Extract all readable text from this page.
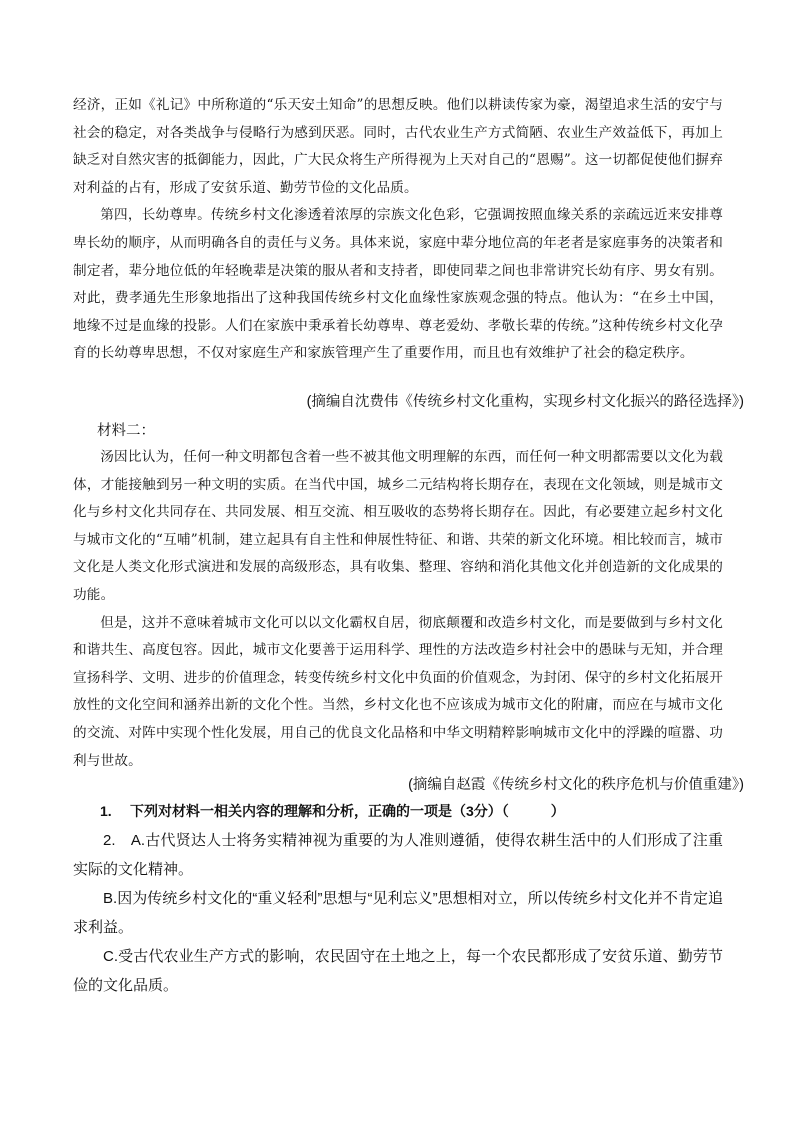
经济，正如《礼记》中所称道的“乐天安土知命”的思想反映。他们以耕读传家为豪，渴望追求生活的安宁与社会的稳定，对各类战争与侵略行为感到厌恶。同时，古代农业生产方式简陋、农业生产效益低下，再加上缺乏对自然灾害的抵御能力，因此，广大民众将生产所得视为上天对自己的“恩赐”。这一切都促使他们摒弃对利益的占有，形成了安贫乐道、勤劳节俭的文化品质。

第四，长幼尊卑。传统乡村文化渗透着浓厚的宗族文化色彩，它强调按照血缘关系的亲疏远近来安排尊卑长幼的顺序，从而明确各自的责任与义务。具体来说，家庭中辈分地位高的年老者是家庭事务的决策者和制定者，辈分地位低的年轻晚辈是决策的服从者和支持者，即使同辈之间也非常讲究长幼有序、男女有别。对此，费孝通先生形象地指出了这种我国传统乡村文化血缘性家族观念强的特点。他认为：“在乡土中国，地缘不过是血缘的投影。人们在家族中秉承着长幼尊卑、尊老爱幼、孝敬长辈的传统。”这种传统乡村文化孕育的长幼尊卑思想，不仅对家庭生产和家族管理产生了重要作用，而且也有效维护了社会的稳定秩序。

(摘编自沈费伟《传统乡村文化重构，实现乡村文化振兴的路径选择》)
材料二：

汤因比认为，任何一种文明都包含着一些不被其他文明理解的东西，而任何一种文明都需要以文化为载体，才能接触到另一种文明的实质。在当代中国，城乡二元结构将长期存在，表现在文化领域，则是城市文化与乡村文化共同存在、共同发展、相互交流、相互吸收的态势将长期存在。因此，有必要建立起乡村文化与城市文化的“互哺”机制，建立起具有自主性和伸展性特征、和谐、共荣的新文化环境。相比较而言，城市文化是人类文化形式演进和发展的高级形态，具有收集、整理、容纳和消化其他文化并创造新的文化成果的功能。

但是，这并不意味着城市文化可以以文化霸权自居，彻底颠覆和改造乡村文化，而是要做到与乡村文化和谐共生、高度包容。因此，城市文化要善于运用科学、理性的方法改造乡村社会中的愚昧与无知，并合理宣扬科学、文明、进步的价值理念，转变传统乡村文化中负面的价值观念，为封闭、保守的乡村文化拓展开放性的文化空间和涵养出新的文化个性。当然，乡村文化也不应该成为城市文化的附庸，而应在与城市文化的交流、对阵中实现个性化发展，用自己的优良文化品格和中华文明精粹影响城市文化中的浮躁的喧嚣、功利与世故。

(摘编自赵霞《传统乡村文化的秩序危机与价值重建》)
1. 下列对材料一相关内容的理解和分析，正确的一项是（3分）（　　　）

2.　A.古代贤达人士将务实精神视为重要的为人准则遵循，使得农耕生活中的人们形成了注重实际的文化精神。

B.因为传统乡村文化的“重义轻利”思想与“见利忘义”思想相对立，所以传统乡村文化并不肯定追求利益。

C.受古代农业生产方式的影响，农民固守在土地之上，每一个农民都形成了安贫乐道、勤劳节俭的文化品质。
